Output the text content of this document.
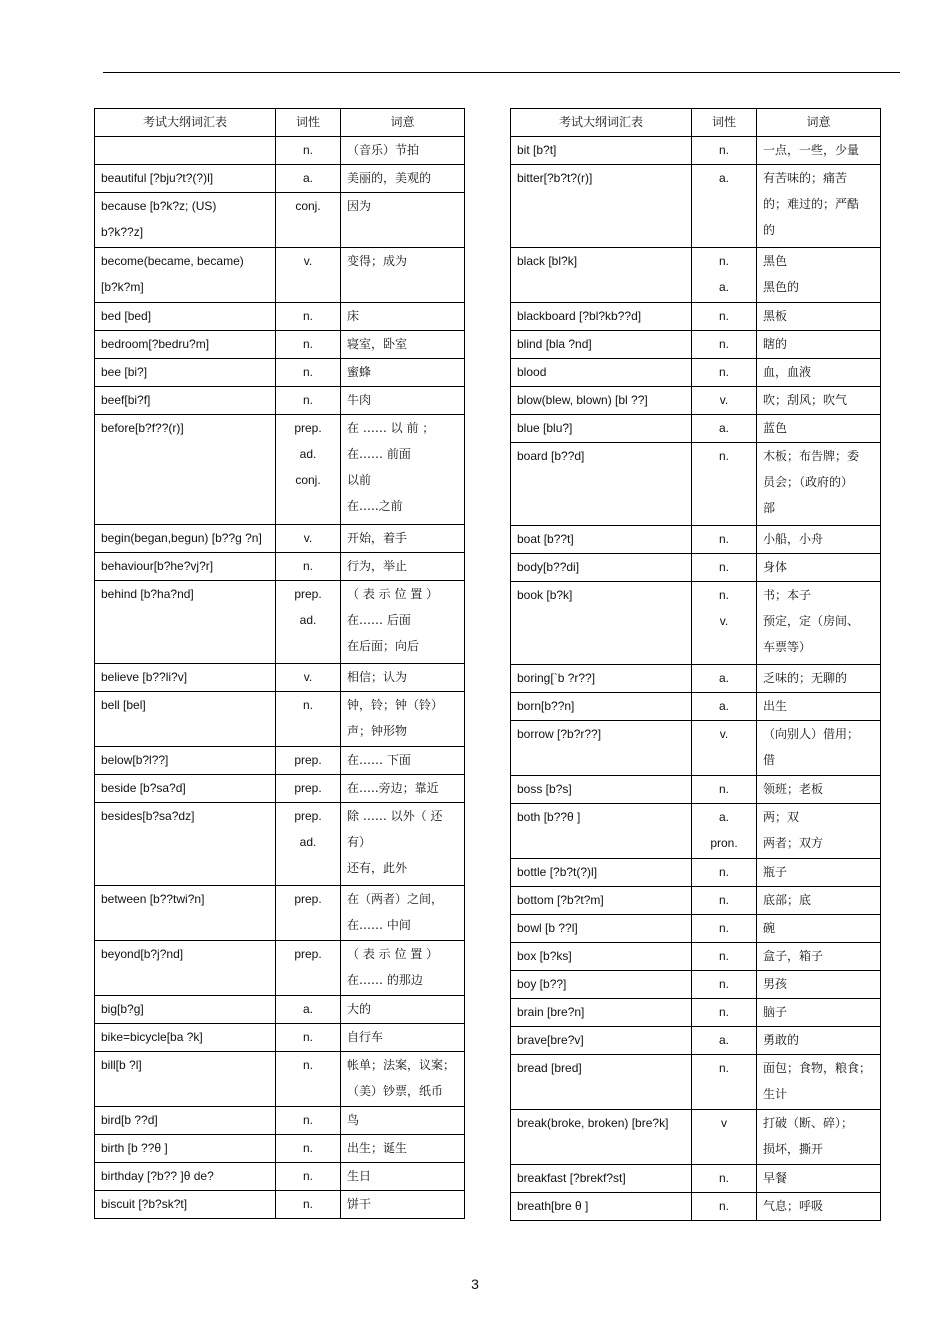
考试大纲词汇表	词性	词意

	n.	（音乐）节拍

beautiful [?bju?t?(?)l]	a.	美丽的，美观的

because [b?k?z; (US)
b?k??z]	conj.	因为

become(became, became)
[b?k?m]	v.	变得；成为

bed [bed]	n.	床

bedroom[?bedru?m]	n.	寝室，卧室

bee [bi?]	n.	蜜蜂

beef[bi?f]	n.	牛肉

before[b?f??(r)]	prep.
ad.
conj.	在 …… 以 前 ；
在…… 前面
以前
在…..之前

begin(began,begun) [b??g ?n]	v.	开始，着手

behaviour[b?he?vj?r]	n.	行为，举止

behind [b?ha?nd]	prep.
ad.	（ 表 示 位 置 ）
在…… 后面
在后面；向后

believe [b??li?v]	v.	相信；认为

bell [bel]	n.	钟，铃；钟（铃）
声；钟形物

below[b?l??]	prep.	在…… 下面

beside [b?sa?d]	prep.	在…..旁边；靠近

besides[b?sa?dz]	prep.
ad.	除 …… 以外（ 还
有）
还有，此外

between [b??twi?n]	prep.	在（两者）之间，
在…… 中间

beyond[b?j?nd]	prep.	（ 表 示 位 置 ）
在…… 的那边

big[b?g]	a.	大的

bike=bicycle[ba ?k]	n.	自行车

bill[b ?l]	n.	帐单；法案，议案；
（美）钞票，纸币

bird[b ??d]	n.	鸟

birth [b ??θ ]	n.	出生；诞生

birthday [?b?? ]θ de?	n.	生日

biscuit [?b?sk?t]	n.	饼干
考试大纲词汇表	词性	词意

bit [b?t]	n.	一点，一些，少量

bitter[?b?t?(r)]	a.	有苦味的；痛苦
的；难过的；严酷
的

black [bl?k]	n.
a.	黑色
黑色的

blackboard [?bl?kb??d]	n.	黑板

blind [bla ?nd]	n.	瞎的

blood	n.	血，血液

blow(blew, blown) [bl ??]	v.	吹；刮风；吹气

blue [blu?]	a.	蓝色

board [b??d]	n.	木板；布告牌；委
员会；（政府的）
部

boat [b??t]	n.	小船，小舟

body[b??di]	n.	身体

book [b?k]	n.
v.	书；本子
预定，定（房间、
车票等）

boring[`b ?r??]	a.	乏味的；无聊的

born[b??n]	a.	出生

borrow [?b?r??]	v.	（向别人）借用；
借

boss [b?s]	n.	领班；老板

both [b??θ ]	a.
pron.	两；双
两者；双方

bottle [?b?t(?)l]	n.	瓶子

bottom [?b?t?m]	n.	底部；底

bowl [b ??l]	n.	碗

box [b?ks]	n.	盒子，箱子

boy [b??]	n.	男孩

brain [bre?n]	n.	脑子

brave[bre?v]	a.	勇敢的

bread [bred]	n.	面包；食物，粮食；
生计

break(broke, broken) [bre?k]	v	打破（断、碎）；
损坏，撕开

breakfast [?brekf?st]	n.	早餐

breath[bre θ ]	n.	气息；呼吸
3
